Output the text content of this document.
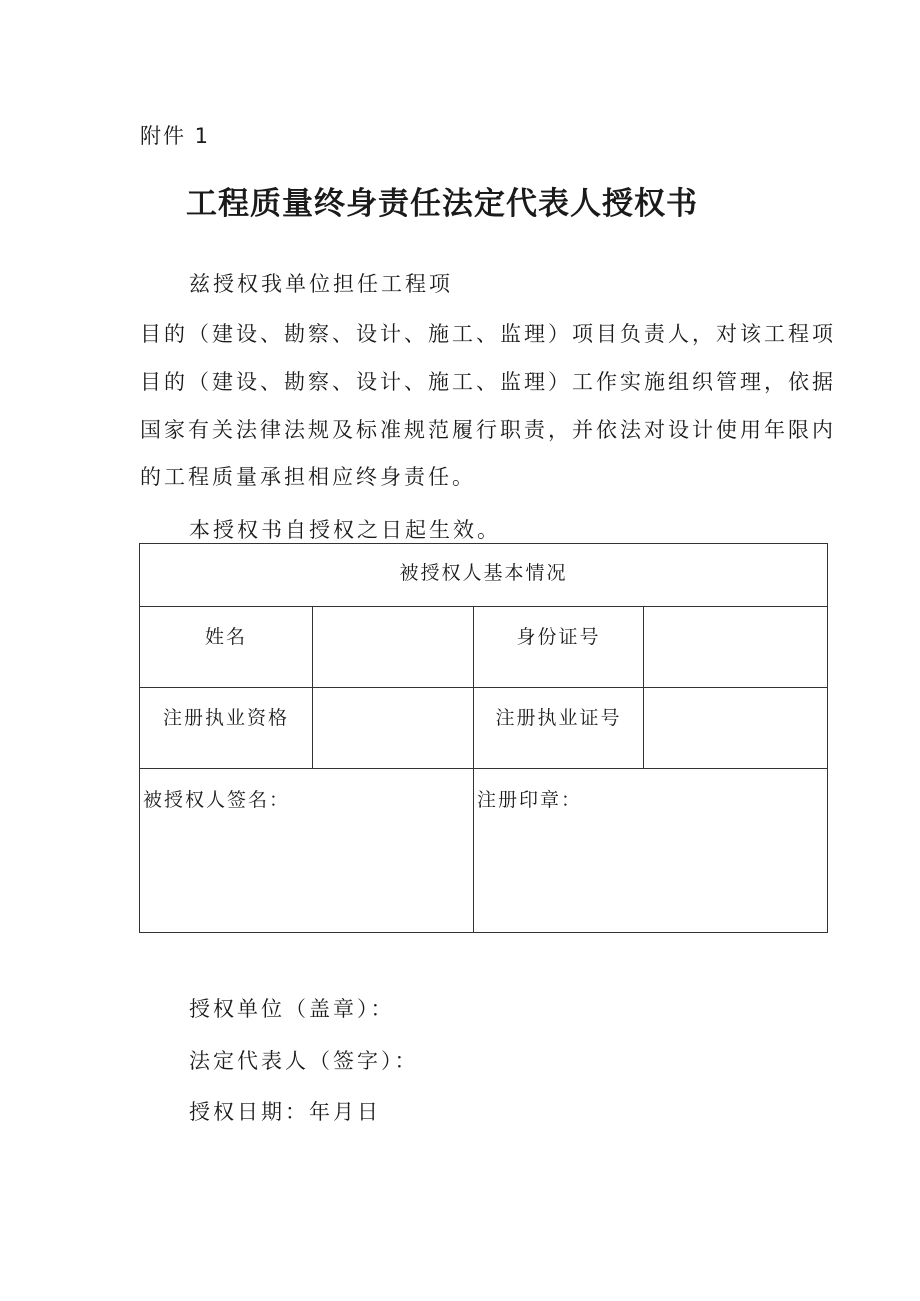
附件 1
工程质量终身责任法定代表人授权书
兹授权我单位担任工程项
目的（建设、勘察、设计、施工、监理）项目负责人，对该工程项
目的（建设、勘察、设计、施工、监理）工作实施组织管理，依据
国家有关法律法规及标准规范履行职责，并依法对设计使用年限内
的工程质量承担相应终身责任。
本授权书自授权之日起生效。
被授权人基本情况
姓名	身份证号
注册执业资格	注册执业证号
被授权人签名：	注册印章：
授权单位（盖章）：
法定代表人（签字）：
授权日期：年月日
